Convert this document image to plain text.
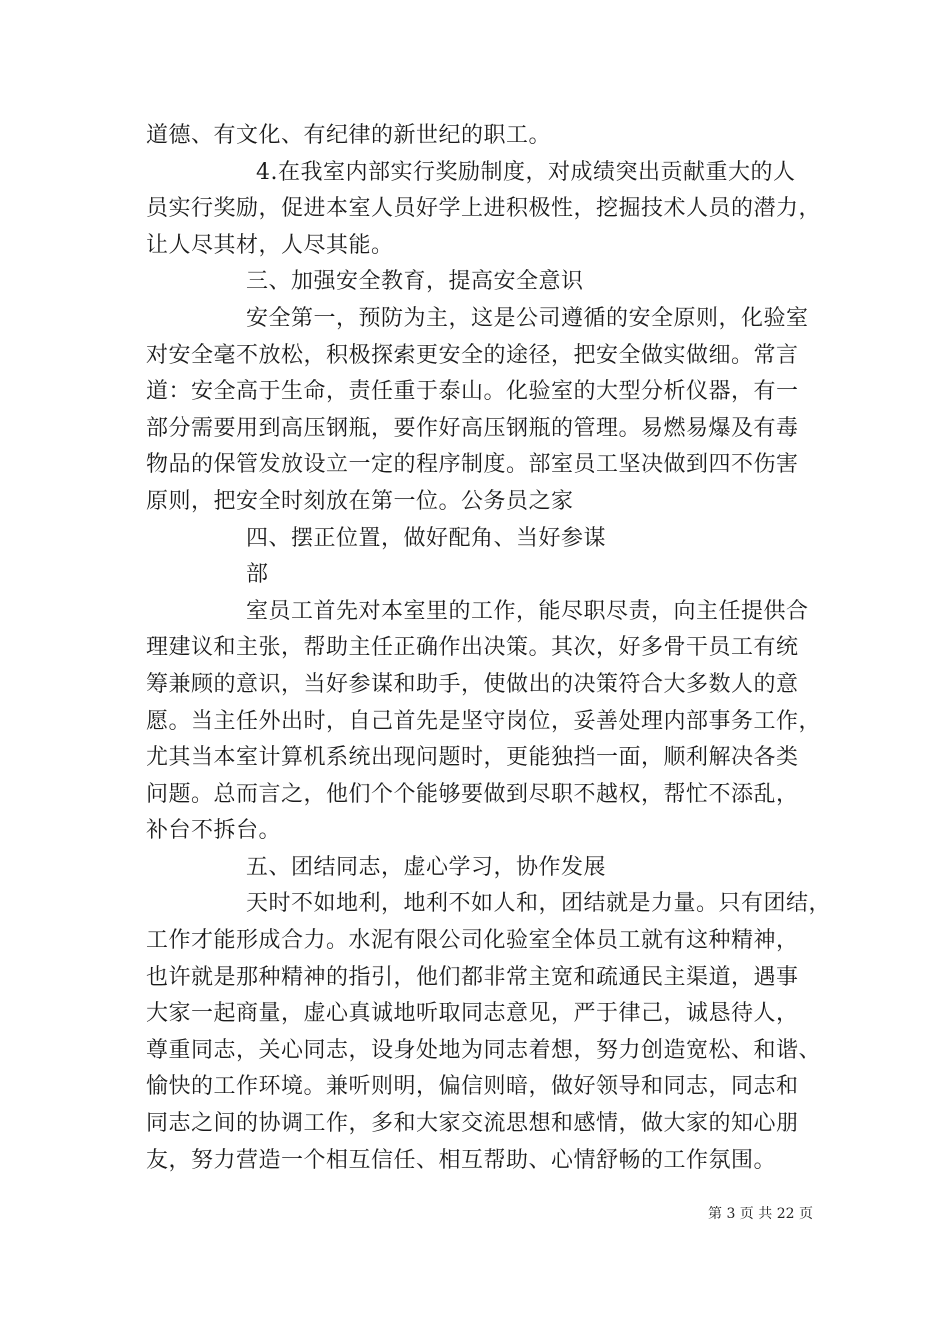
道德、有文化、有纪律的新世纪的职工。
4.在我室内部实行奖励制度，对成绩突出贡献重大的人
员实行奖励，促进本室人员好学上进积极性，挖掘技术人员的潜力，
让人尽其材，人尽其能。
三、加强安全教育，提高安全意识
安全第一，预防为主，这是公司遵循的安全原则，化验室
对安全毫不放松，积极探索更安全的途径，把安全做实做细。常言
道：安全高于生命，责任重于泰山。化验室的大型分析仪器，有一
部分需要用到高压钢瓶，要作好高压钢瓶的管理。易燃易爆及有毒
物品的保管发放设立一定的程序制度。部室员工坚决做到四不伤害
原则，把安全时刻放在第一位。公务员之家
四、摆正位置，做好配角、当好参谋
部
室员工首先对本室里的工作，能尽职尽责，向主任提供合
理建议和主张，帮助主任正确作出决策。其次，好多骨干员工有统
筹兼顾的意识，当好参谋和助手，使做出的决策符合大多数人的意
愿。当主任外出时，自己首先是坚守岗位，妥善处理内部事务工作，
尤其当本室计算机系统出现问题时，更能独挡一面，顺利解决各类
问题。总而言之，他们个个能够要做到尽职不越权，帮忙不添乱，
补台不拆台。
五、团结同志，虚心学习，协作发展
天时不如地利，地利不如人和，团结就是力量。只有团结，
工作才能形成合力。水泥有限公司化验室全体员工就有这种精神，
也许就是那种精神的指引，他们都非常主宽和疏通民主渠道，遇事
大家一起商量，虚心真诚地听取同志意见，严于律己，诚恳待人，
尊重同志，关心同志，设身处地为同志着想，努力创造宽松、和谐、
愉快的工作环境。兼听则明，偏信则暗，做好领导和同志，同志和
同志之间的协调工作，多和大家交流思想和感情，做大家的知心朋
友，努力营造一个相互信任、相互帮助、心情舒畅的工作氛围。
第 3 页 共 22 页
